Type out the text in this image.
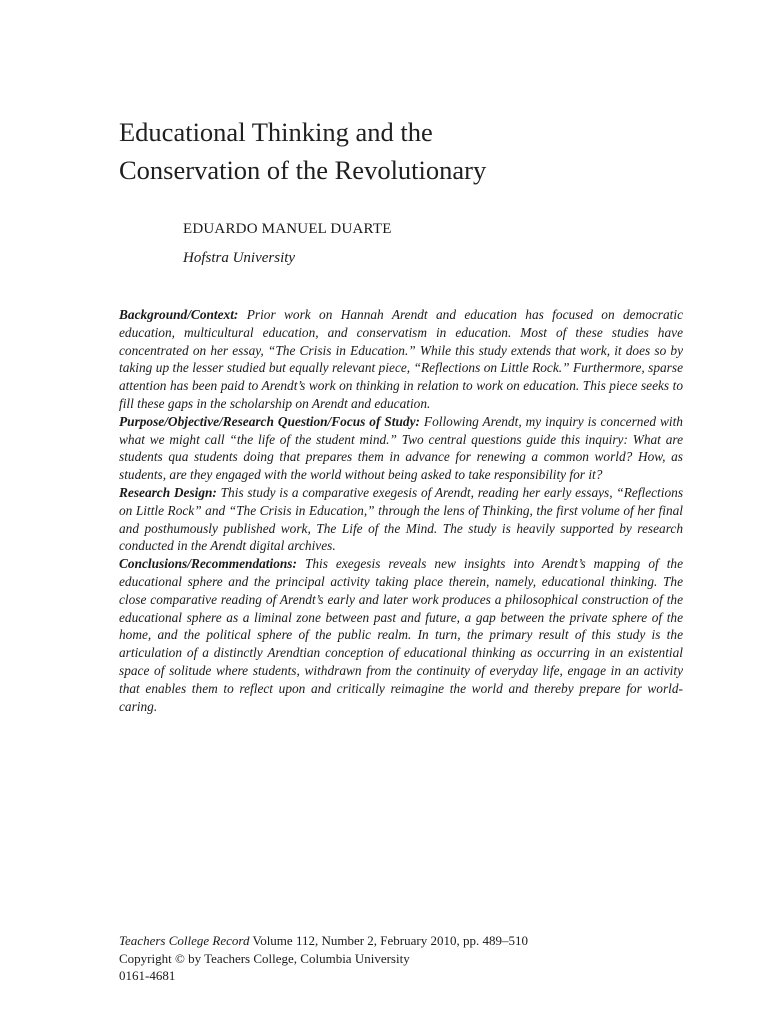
Educational Thinking and the
Conservation of the Revolutionary

EDUARDO MANUEL DUARTE

Hofstra University

Background/Context: Prior work on Hannah Arendt and education has focused on democratic education, multicultural education, and conservatism in education. Most of these studies have concentrated on her essay, “The Crisis in Education.” While this study extends that work, it does so by taking up the lesser studied but equally relevant piece, “Reflections on Little Rock.” Furthermore, sparse attention has been paid to Arendt’s work on thinking in relation to work on education. This piece seeks to fill these gaps in the scholarship on Arendt and education.

Purpose/Objective/Research Question/Focus of Study: Following Arendt, my inquiry is concerned with what we might call “the life of the student mind.” Two central questions guide this inquiry: What are students qua students doing that prepares them in advance for renewing a common world? How, as students, are they engaged with the world without being asked to take responsibility for it?

Research Design: This study is a comparative exegesis of Arendt, reading her early essays, “Reflections on Little Rock” and “The Crisis in Education,” through the lens of Thinking, the first volume of her final and posthumously published work, The Life of the Mind. The study is heavily supported by research conducted in the Arendt digital archives.

Conclusions/Recommendations: This exegesis reveals new insights into Arendt’s mapping of the educational sphere and the principal activity taking place therein, namely, educational thinking. The close comparative reading of Arendt’s early and later work produces a philosophical construction of the educational sphere as a liminal zone between past and future, a gap between the private sphere of the home, and the political sphere of the public realm. In turn, the primary result of this study is the articulation of a distinctly Arendtian conception of educational thinking as occurring in an existential space of solitude where students, withdrawn from the continuity of everyday life, engage in an activity that enables them to reflect upon and critically reimagine the world and thereby prepare for world-caring.

Teachers College Record Volume 112, Number 2, February 2010, pp. 489–510
Copyright © by Teachers College, Columbia University
0161-4681
